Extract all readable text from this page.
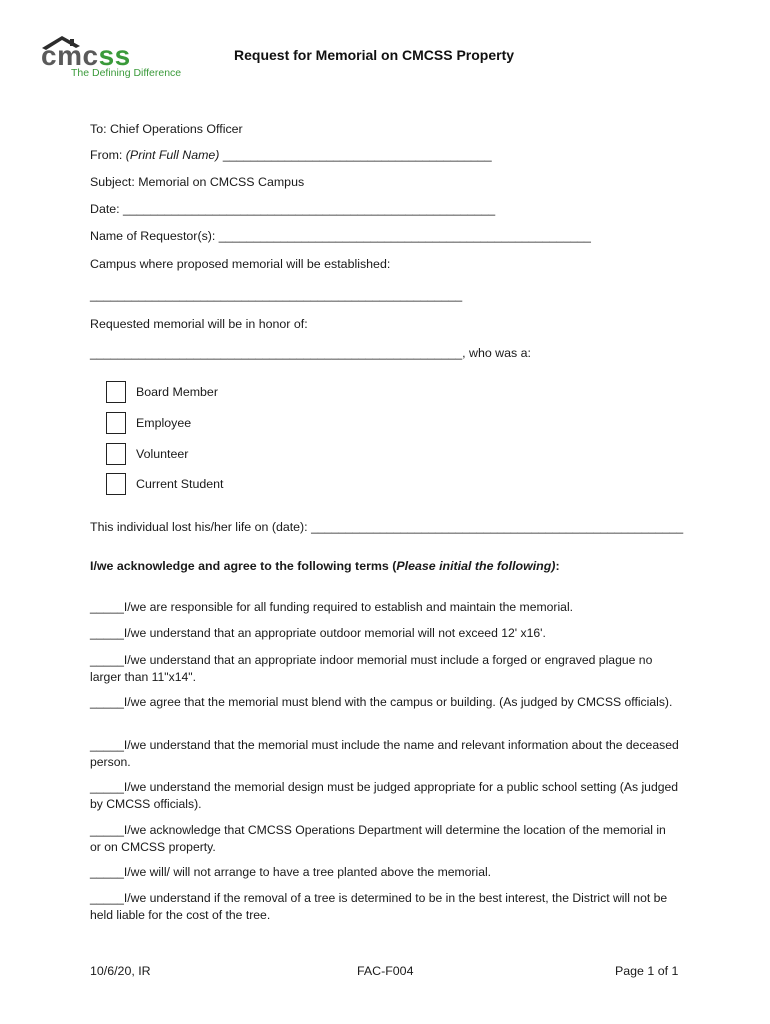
cmcss
The Defining Difference
Request for Memorial on CMCSS Property
To: Chief Operations Officer
From: (Print Full Name) _______________________________________
Subject: Memorial on CMCSS Campus
Date: ______________________________________________________
Name of Requestor(s): ______________________________________________________
Campus where proposed memorial will be established:
______________________________________________________
Requested memorial will be in honor of:
______________________________________________________, who was a:
Board Member
Employee
Volunteer
Current Student
This individual lost his/her life on (date): ______________________________________________________
I/we acknowledge and agree to the following terms (Please initial the following):
_____I/we are responsible for all funding required to establish and maintain the memorial.
_____I/we understand that an appropriate outdoor memorial will not exceed 12' x16'.
_____I/we understand that an appropriate indoor memorial must include a forged or engraved plague no larger than 11"x14".
_____I/we agree that the memorial must blend with the campus or building. (As judged by CMCSS officials).
_____I/we understand that the memorial must include the name and relevant information about the deceased person.
_____I/we understand the memorial design must be judged appropriate for a public school setting (As judged by CMCSS officials).
_____I/we acknowledge that CMCSS Operations Department will determine the location of the memorial in or on CMCSS property.
_____I/we will/ will not arrange to have a tree planted above the memorial.
_____I/we understand if the removal of a tree is determined to be in the best interest, the District will not be held liable for the cost of the tree.
10/6/20, IR	FAC-F004	Page 1 of 1
